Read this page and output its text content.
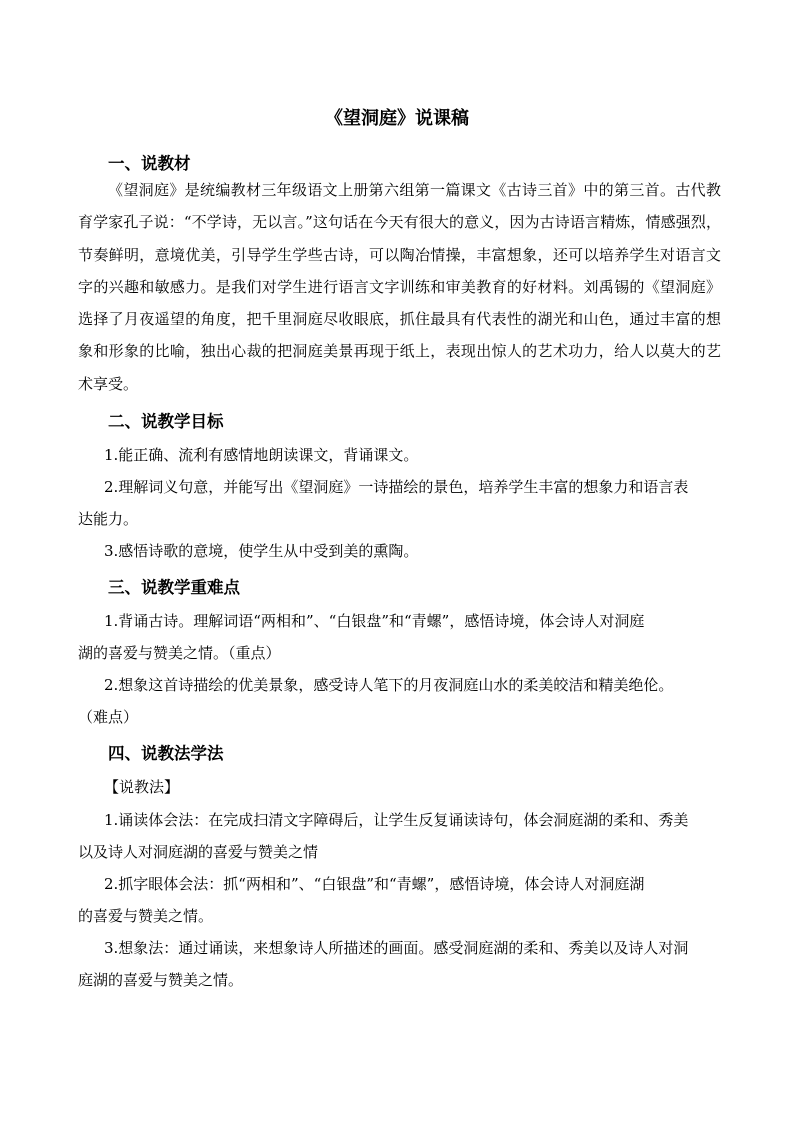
《望洞庭》说课稿
一、说教材
《望洞庭》是统编教材三年级语文上册第六组第一篇课文《古诗三首》中的第三首。古代教育学家孔子说：“不学诗，无以言。”这句话在今天有很大的意义，因为古诗语言精炼，情感强烈，节奏鲜明，意境优美，引导学生学些古诗，可以陶冶情操，丰富想象，还可以培养学生对语言文字的兴趣和敏感力。是我们对学生进行语言文字训练和审美教育的好材料。刘禹锡的《望洞庭》选择了月夜遥望的角度，把千里洞庭尽收眼底，抓住最具有代表性的湖光和山色，通过丰富的想象和形象的比喻，独出心裁的把洞庭美景再现于纸上，表现出惊人的艺术功力，给人以莫大的艺术享受。
二、说教学目标
1.能正确、流利有感情地朗读课文，背诵课文。
2.理解词义句意，并能写出《望洞庭》一诗描绘的景色，培养学生丰富的想象力和语言表
达能力。
3.感悟诗歌的意境，使学生从中受到美的熏陶。
三、说教学重难点
1.背诵古诗。理解词语“两相和”、“白银盘”和“青螺”，感悟诗境，体会诗人对洞庭
湖的喜爱与赞美之情。（重点）
2.想象这首诗描绘的优美景象，感受诗人笔下的月夜洞庭山水的柔美皎洁和精美绝伦。
（难点）
四、说教法学法
【说教法】
1.诵读体会法：在完成扫清文字障碍后，让学生反复诵读诗句，体会洞庭湖的柔和、秀美
以及诗人对洞庭湖的喜爱与赞美之情
2.抓字眼体会法：抓“两相和”、“白银盘”和“青螺”，感悟诗境，体会诗人对洞庭湖
的喜爱与赞美之情。
3.想象法：通过诵读，来想象诗人所描述的画面。感受洞庭湖的柔和、秀美以及诗人对洞
庭湖的喜爱与赞美之情。
